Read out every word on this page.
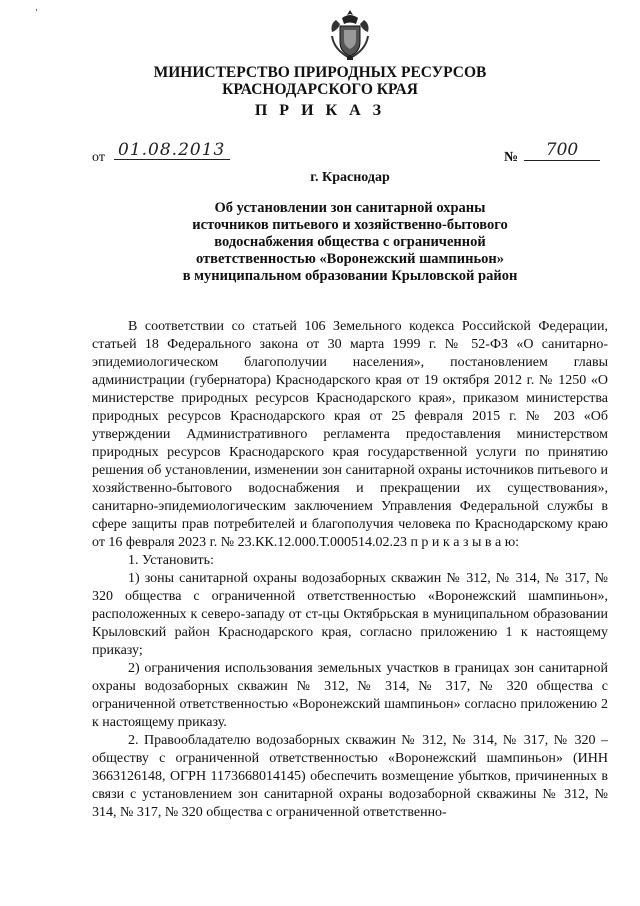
ʼ
МИНИСТЕРСТВО ПРИРОДНЫХ РЕСУРСОВ
КРАСНОДАРСКОГО КРАЯ
П Р И К А З
от 01.08.2013	№	700
г. Краснодар
Об установлении зон санитарной охраны
источников питьевого и хозяйственно-бытового
водоснабжения общества с ограниченной
ответственностью «Воронежский шампиньон»
в муниципальном образовании Крыловской район

В соответствии со статьей 106 Земельного кодекса Российской Федерации, статьей 18 Федерального закона от 30 марта 1999 г. № 52-ФЗ «О санитарно-эпидемиологическом благополучии населения», постановлением главы администрации (губернатора) Краснодарского края от 19 октября 2012 г. № 1250 «О министерстве природных ресурсов Краснодарского края», приказом министерства природных ресурсов Краснодарского края от 25 февраля 2015 г. № 203 «Об утверждении Административного регламента предоставления министерством природных ресурсов Краснодарского края государственной услуги по принятию решения об установлении, изменении зон санитарной охраны источников питьевого и хозяйственно-бытового водоснабжения и прекращении их существования», санитарно-эпидемиологическим заключением Управления Федеральной службы в сфере защиты прав потребителей и благополучия человека по Краснодарскому краю от 16 февраля 2023 г. № 23.КК.12.000.Т.000514.02.23 п р и к а з ы в а ю:

1. Установить:

1) зоны санитарной охраны водозаборных скважин № 312, № 314, № 317, № 320 общества с ограниченной ответственностью «Воронежский шампиньон», расположенных к северо-западу от ст-цы Октябрьская в муниципальном образовании Крыловский район Краснодарского края, согласно приложению 1 к настоящему приказу;

2) ограничения использования земельных участков в границах зон санитарной охраны водозаборных скважин № 312, № 314, № 317, № 320 общества с ограниченной ответственностью «Воронежский шампиньон» согласно приложению 2 к настоящему приказу.

2. Правообладателю водозаборных скважин № 312, № 314, № 317, № 320 – обществу с ограниченной ответственностью «Воронежский шампиньон» (ИНН 3663126148, ОГРН 1173668014145) обеспечить возмещение убытков, причиненных в связи с установлением зон санитарной охраны водозаборной скважины № 312, № 314, № 317, № 320 общества с ограниченной ответственно-
